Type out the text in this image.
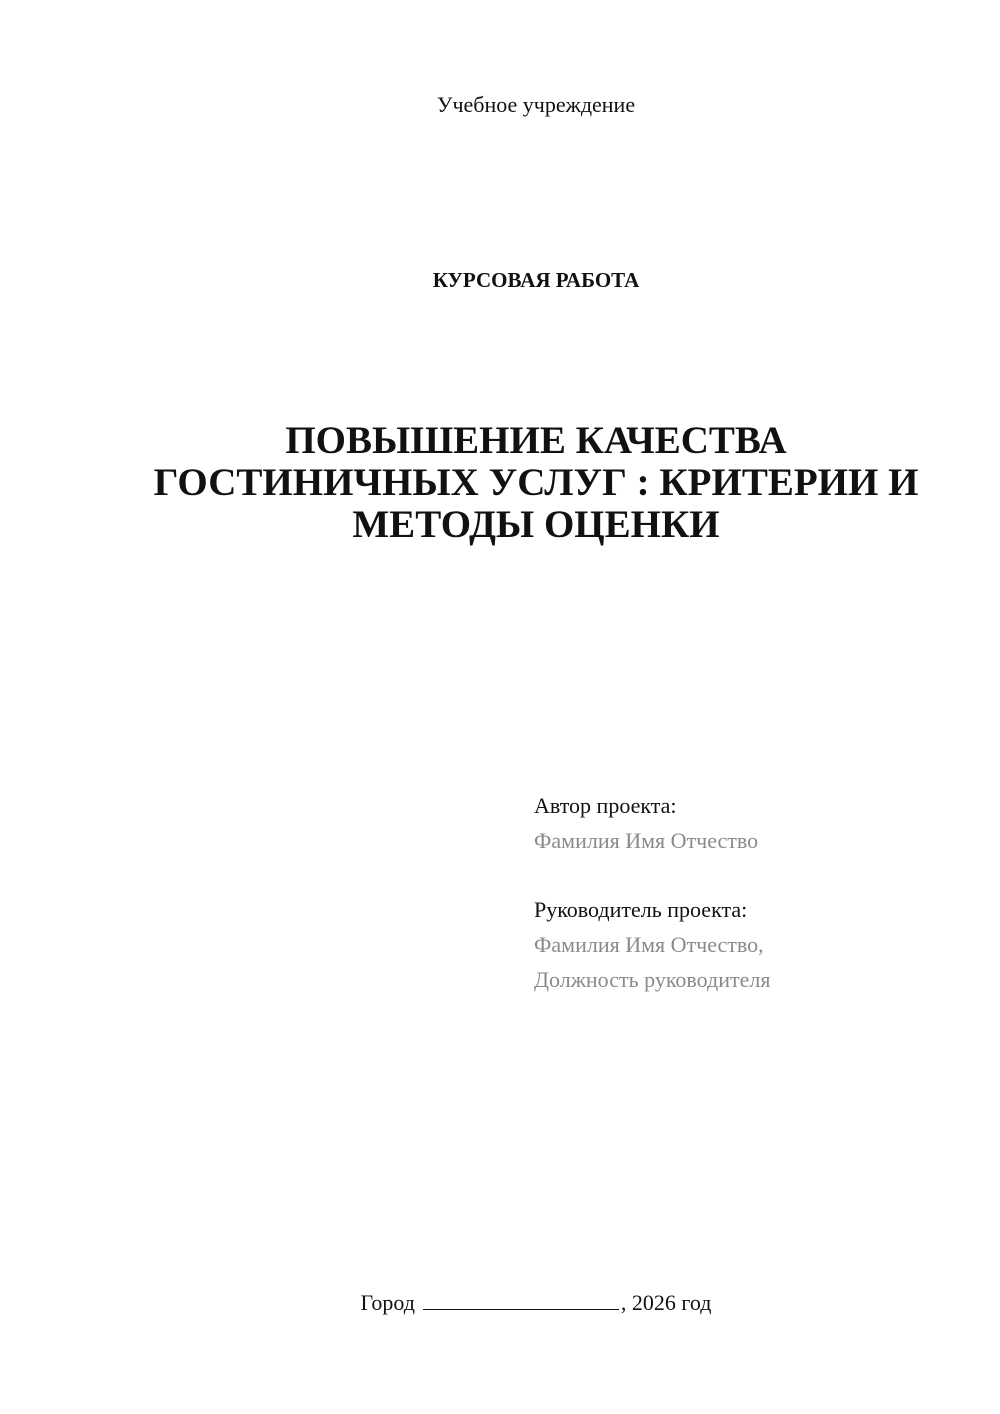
Учебное учреждение
КУРСОВАЯ РАБОТА
ПОВЫШЕНИЕ КАЧЕСТВА
ГОСТИНИЧНЫХ УСЛУГ : КРИТЕРИИ И
МЕТОДЫ ОЦЕНКИ
Автор проекта:
Фамилия Имя Отчество
Руководитель проекта:
Фамилия Имя Отчество,
Должность руководителя
Город	, 2026 год
